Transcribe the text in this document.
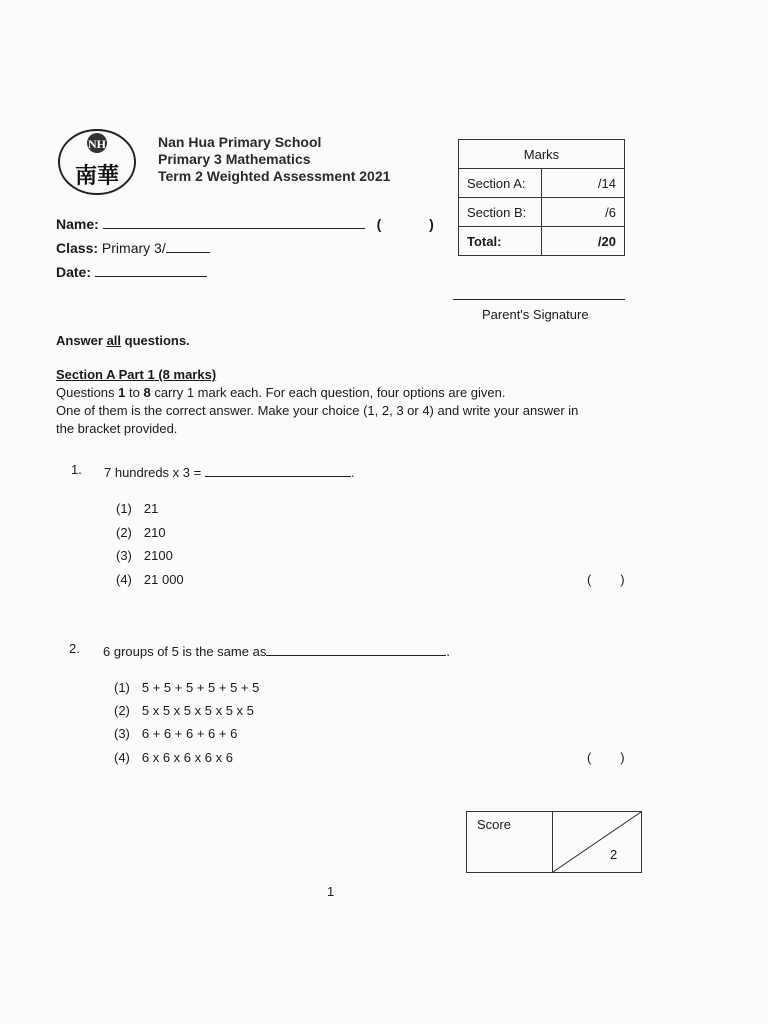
NH
南華
Nan Hua Primary School
Primary 3 Mathematics
Term 2 Weighted Assessment 2021
Name:	(	)
Class: Primary 3/
Date:
Marks	
Section A:	/14
Section B:	/6
Total:	/20
Parent's Signature
Answer all questions.
Section A Part 1 (8 marks)
Questions 1 to 8 carry 1 mark each. For each question, four options are given.
One of them is the correct answer. Make your choice (1, 2, 3 or 4) and write your answer in
the bracket provided.
1. 7 hundreds x 3 =	.
(1) 21
(2) 210
(3) 2100
(4) 21 000	(        )
2. 6 groups of 5 is the same as	.
(1) 5 + 5 + 5 + 5 + 5 + 5
(2) 5 x 5 x 5 x 5 x 5 x 5
(3) 6 + 6 + 6 + 6 + 6
(4) 6 x 6 x 6 x 6 x 6	(        )
Score
2
1
